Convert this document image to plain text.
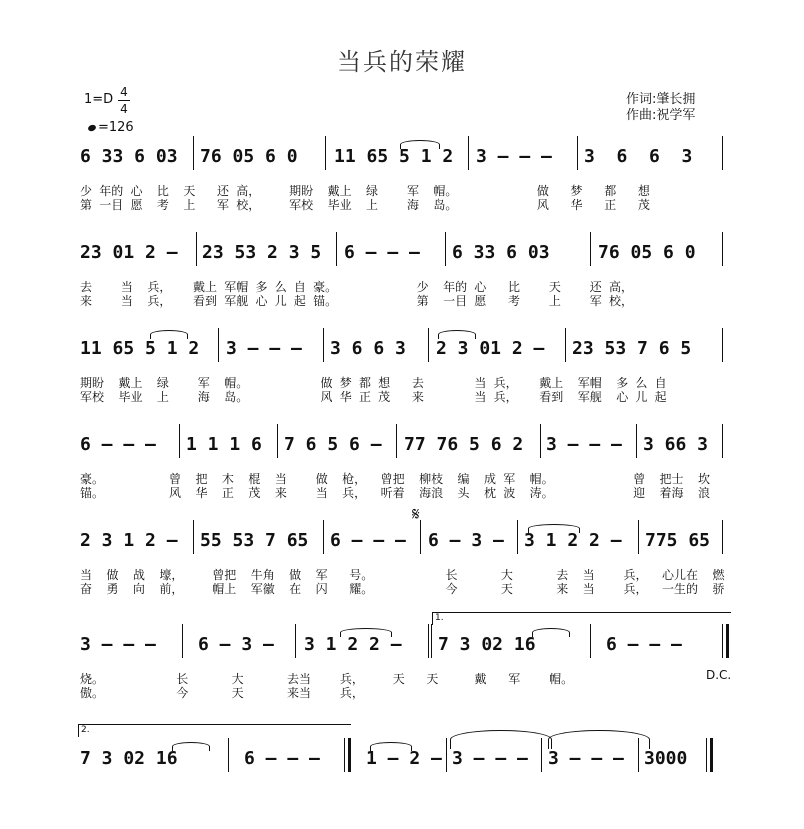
当兵的荣耀
1=D 4
4
=126
作词:肇长拥
作曲:祝学军
6 33 6 03 76 05 6 0 11 65 5 1 2 3 — — — 3  6  6  3
少 年的 心  比  天   还 高，    期盼  戴上  绿    军  帽。           做   梦   都   想
第 一目 愿  考  上   军 校，    军校  毕业  上    海  岛。           风   华   正   茂
23 01 2 — 23 53 2 3 5 6 — — — 6 33 6 03	76 05 6 0
去    当  兵，   戴上 军帽 多 么 自 豪。           少  年的 心   比    天    还 高，
来    当  兵，   看到 军舰 心 儿 起 锚。           第  一目 愿   考    上    军 校，
11 65 5 1 2 3 — — — 3 6 6 3 2 3 01 2 — 23 53 7 6 5
期盼  戴上  绿    军  帽。          做 梦 都 想   去       当 兵，   戴上  军帽  多 么 自
军校  毕业  上    海  岛。          风 华 正 茂   来       当 兵，   看到  军舰  心 儿 起
6 — — — 1 1 1 6 7 6 5 6 — 77 76 5 6 2 3 — — — 3 66 3
豪。         曾  把  木  棍  当    做  枪，  曾把  柳枝  编  成 军  帽。           曾  把士  坎
锚。         风  华  正  茂  来    当  兵，  听着  海浪  头  枕 波  涛。           迎  着海  浪
𝄋
2 3 1 2 — 55 53 7 65 6 — — — 6 — 3 — 3 1 2 2 — 775 65
当  做  战  壕，    曾把  牛角  做  军   号。          长      大      去  当    兵，  心儿在  燃
奋  勇  向  前，    帽上  军徽  在  闪   耀。          今      天      来  当    兵，  一生的  骄
1.
3 — — — 6 — 3 — 3 1 2 2 — 7 3 02 16	6 — — —
烧。          长      大      去当    兵，    天   天     戴   军    帽。
傲。          今      天      来当    兵，
D.C.
2.
7 3 02 16	6 — — —	1 — 2 — 3 — — — 3 — — — 3000
